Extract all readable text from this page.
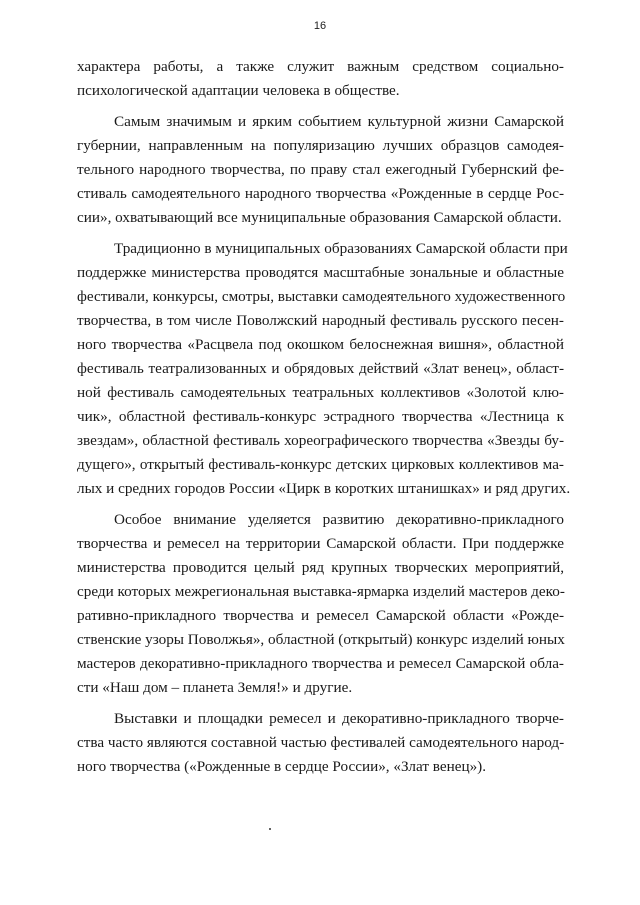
16
характера работы, а также служит важным средством социально-
психологической адаптации человека в обществе.
Самым значимым и ярким событием культурной жизни Самарской
губернии, направленным на популяризацию лучших образцов самодея-
тельного народного творчества, по праву стал ежегодный Губернский фе-
стиваль самодеятельного народного творчества «Рожденные в сердце Рос-
сии», охватывающий все муниципальные образования Самарской области.
Традиционно в муниципальных образованиях Самарской области при
поддержке министерства проводятся масштабные зональные и областные
фестивали, конкурсы, смотры, выставки самодеятельного художественного
творчества, в том числе Поволжский народный фестиваль русского песен-
ного творчества «Расцвела под окошком белоснежная вишня», областной
фестиваль театрализованных и обрядовых действий «Злат венец», област-
ной фестиваль самодеятельных театральных коллективов «Золотой клю-
чик», областной фестиваль-конкурс эстрадного творчества «Лестница к
звездам», областной фестиваль хореографического творчества «Звезды бу-
дущего», открытый фестиваль-конкурс детских цирковых коллективов ма-
лых и средних городов России «Цирк в коротких штанишках» и ряд других.
Особое внимание уделяется развитию декоративно-прикладного
творчества и ремесел на территории Самарской области. При поддержке
министерства проводится целый ряд крупных творческих мероприятий,
среди которых межрегиональная выставка-ярмарка изделий мастеров деко-
ративно-прикладного творчества и ремесел Самарской области «Рожде-
ственские узоры Поволжья», областной (открытый) конкурс изделий юных
мастеров декоративно-прикладного творчества и ремесел Самарской обла-
сти «Наш дом – планета Земля!» и другие.
Выставки и площадки ремесел и декоративно-прикладного творче-
ства часто являются составной частью фестивалей самодеятельного народ-
ного творчества («Рожденные в сердце России», «Злат венец»).
